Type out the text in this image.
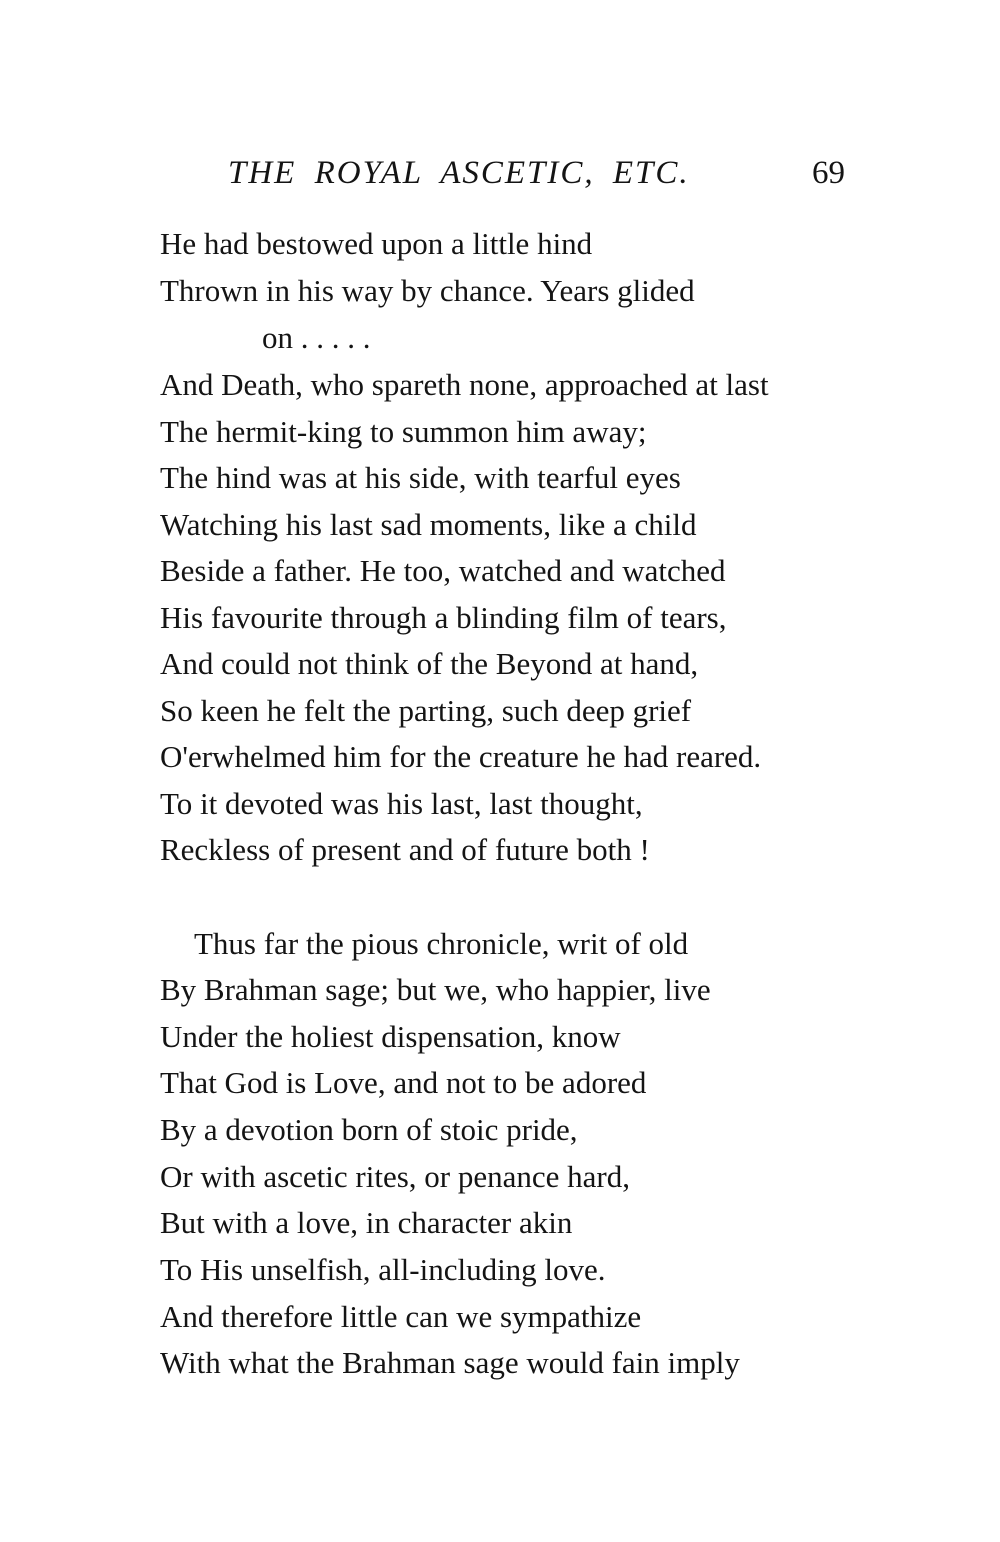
THE ROYAL ASCETIC, ETC.	69
He had bestowed upon a little hind
Thrown in his way by chance. Years glided
on . . . . .
And Death, who spareth none, approached at last
The hermit-king to summon him away;
The hind was at his side, with tearful eyes
Watching his last sad moments, like a child
Beside a father. He too, watched and watched
His favourite through a blinding film of tears,
And could not think of the Beyond at hand,
So keen he felt the parting, such deep grief
O'erwhelmed him for the creature he had reared.
To it devoted was his last, last thought,
Reckless of present and of future both !
Thus far the pious chronicle, writ of old
By Brahman sage; but we, who happier, live
Under the holiest dispensation, know
That God is Love, and not to be adored
By a devotion born of stoic pride,
Or with ascetic rites, or penance hard,
But with a love, in character akin
To His unselfish, all-including love.
And therefore little can we sympathize
With what the Brahman sage would fain imply
